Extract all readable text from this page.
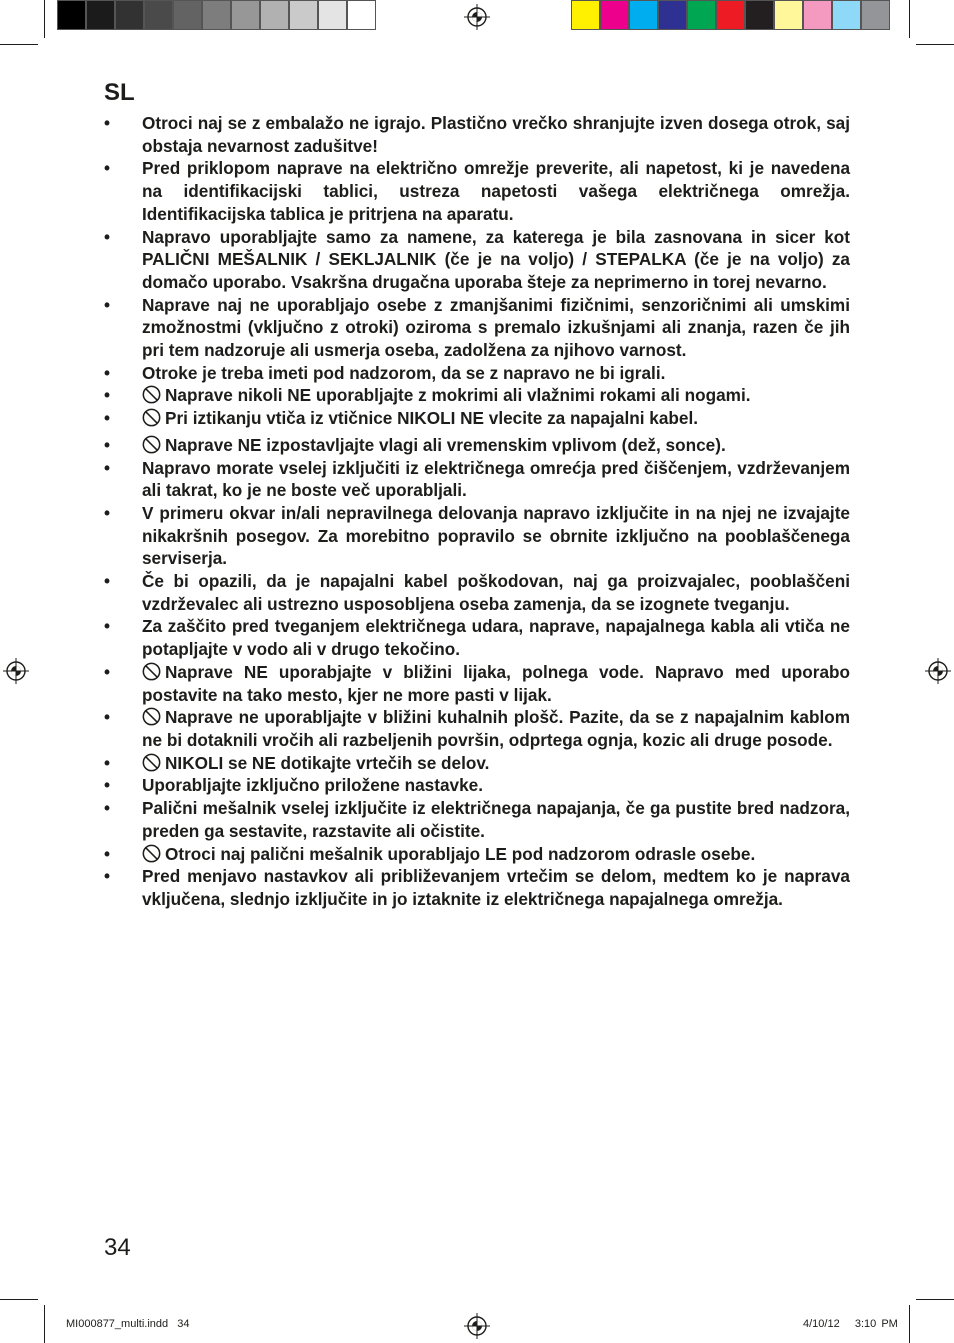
SL
•	Otroci naj se z embalažo ne igrajo. Plastično vrečko shranjujte izven dosega otrok, saj obstaja nevarnost zadušitve!
•	Pred priklopom naprave na električno omrežje preverite, ali napetost, ki je navedena na identifikacijski tablici, ustreza napetosti vašega električnega omrežja. Identifikacijska tablica je pritrjena na aparatu.
•	Napravo uporabljajte samo za namene, za katerega je bila zasnovana in sicer kot PALIČNI MEŠALNIK / SEKLJALNIK (če je na voljo) / STEPALKA (če je na voljo) za domačo uporabo. Vsakršna drugačna uporaba šteje za neprimerno in torej nevarno.
•	Naprave naj ne uporabljajo osebe z zmanjšanimi fizičnimi, senzoričnimi ali umskimi zmožnostmi (vključno z otroki) oziroma s premalo izkušnjami ali znanja, razen če jih pri tem nadzoruje ali usmerja oseba, zadolžena za njihovo varnost.
•	Otroke je treba imeti pod nadzorom, da se z napravo ne bi igrali.
•	Naprave nikoli NE uporabljajte z mokrimi ali vlažnimi rokami ali nogami.
•	Pri iztikanju vtiča iz vtičnice NIKOLI NE vlecite za napajalni kabel.
•	Naprave NE izpostavljajte vlagi ali vremenskim vplivom (dež, sonce).
•	Napravo morate vselej izključiti iz električnega omrećja pred čiščenjem, vzdrževanjem ali takrat, ko je ne boste več uporabljali.
•	V primeru okvar in/ali nepravilnega delovanja napravo izključite in na njej ne izvajajte nikakršnih posegov. Za morebitno popravilo se obrnite izključno na pooblaščenega serviserja.
•	Če bi opazili, da je napajalni kabel poškodovan, naj ga proizvajalec, pooblaščeni vzdrževalec ali ustrezno usposobljena oseba zamenja, da se izognete tveganju.
•	Za zaščito pred tveganjem električnega udara, naprave, napajalnega kabla ali vtiča ne potapljajte v vodo ali v drugo tekočino.
•	Naprave NE uporabjajte v bližini lijaka, polnega vode. Napravo med uporabo postavite na tako mesto, kjer ne more pasti v lijak.
•	Naprave ne uporabljajte v bližini kuhalnih plošč. Pazite, da se z napajalnim kablom ne bi dotaknili vročih ali razbeljenih površin, odprtega ognja, kozic ali druge posode.
•	NIKOLI se NE dotikajte vrtečih se delov.
•	Uporabljajte izključno priložene nastavke.
•	Palični mešalnik vselej izključite iz električnega napajanja, če ga pustite bred nadzora, preden ga sestavite, razstavite ali očistite.
•	Otroci naj palični mešalnik uporabljajo LE pod nadzorom odrasle osebe.
•	Pred menjavo nastavkov ali približevanjem vrtečim se delom, medtem ko je naprava vključena, slednjo izključite in jo iztaknite iz električnega napajalnega omrežja.
34
MI000877_multi.indd   34	4/10/12   3:10 PM
